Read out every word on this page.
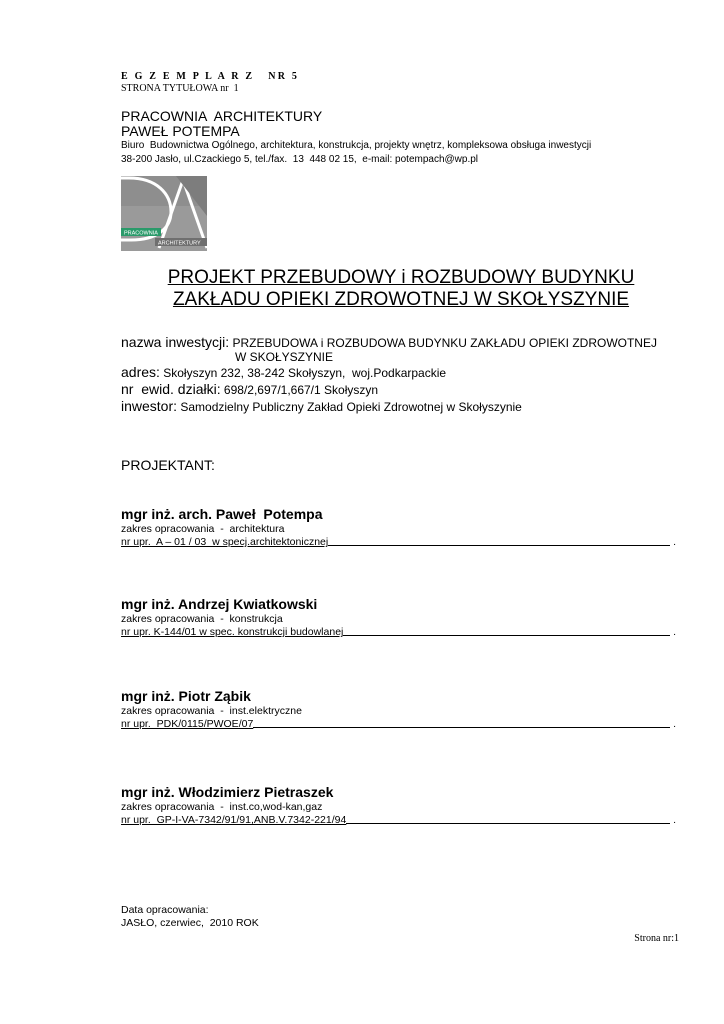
E G Z E M P L A R Z   NR 5
STRONA TYTUŁOWA nr  1
PRACOWNIA  ARCHITEKTURY
PAWEŁ POTEMPA
Biuro  Budownictwa Ogólnego, architektura, konstrukcja, projekty wnętrz, kompleksowa obsługa inwestycji
38-200 Jasło, ul.Czackiego 5, tel./fax.  13  448 02 15,  e-mail: potempach@wp.pl
PRACOWNIA
ARCHITEKTURY
PROJEKT PRZEBUDOWY i ROZBUDOWY BUDYNKU
ZAKŁADU OPIEKI ZDROWOTNEJ W SKOŁYSZYNIE
nazwa inwestycji: PRZEBUDOWA i ROZBUDOWA BUDYNKU ZAKŁADU OPIEKI ZDROWOTNEJ
W SKOŁYSZYNIE
adres: Skołyszyn 232, 38-242 Skołyszyn,  woj.Podkarpackie
nr  ewid. działki: 698/2,697/1,667/1 Skołyszyn
inwestor: Samodzielny Publiczny Zakład Opieki Zdrowotnej w Skołyszynie
PROJEKTANT:
mgr inż. arch. Paweł  Potempa
zakres opracowania  -  architektura
nr upr.  A – 01 / 03  w specj.architektonicznej	.
mgr inż. Andrzej Kwiatkowski
zakres opracowania  -  konstrukcja
nr upr. K-144/01 w spec. konstrukcji budowlanej	.
mgr inż. Piotr Ząbik
zakres opracowania  -  inst.elektryczne
nr upr.  PDK/0115/PWOE/07	.
mgr inż. Włodzimierz Pietraszek
zakres opracowania  -  inst.co,wod-kan,gaz
nr upr.  GP-I-VA-7342/91/91,ANB.V.7342-221/94	.
Data opracowania:
JASŁO, czerwiec,  2010 ROK
Strona nr:1
